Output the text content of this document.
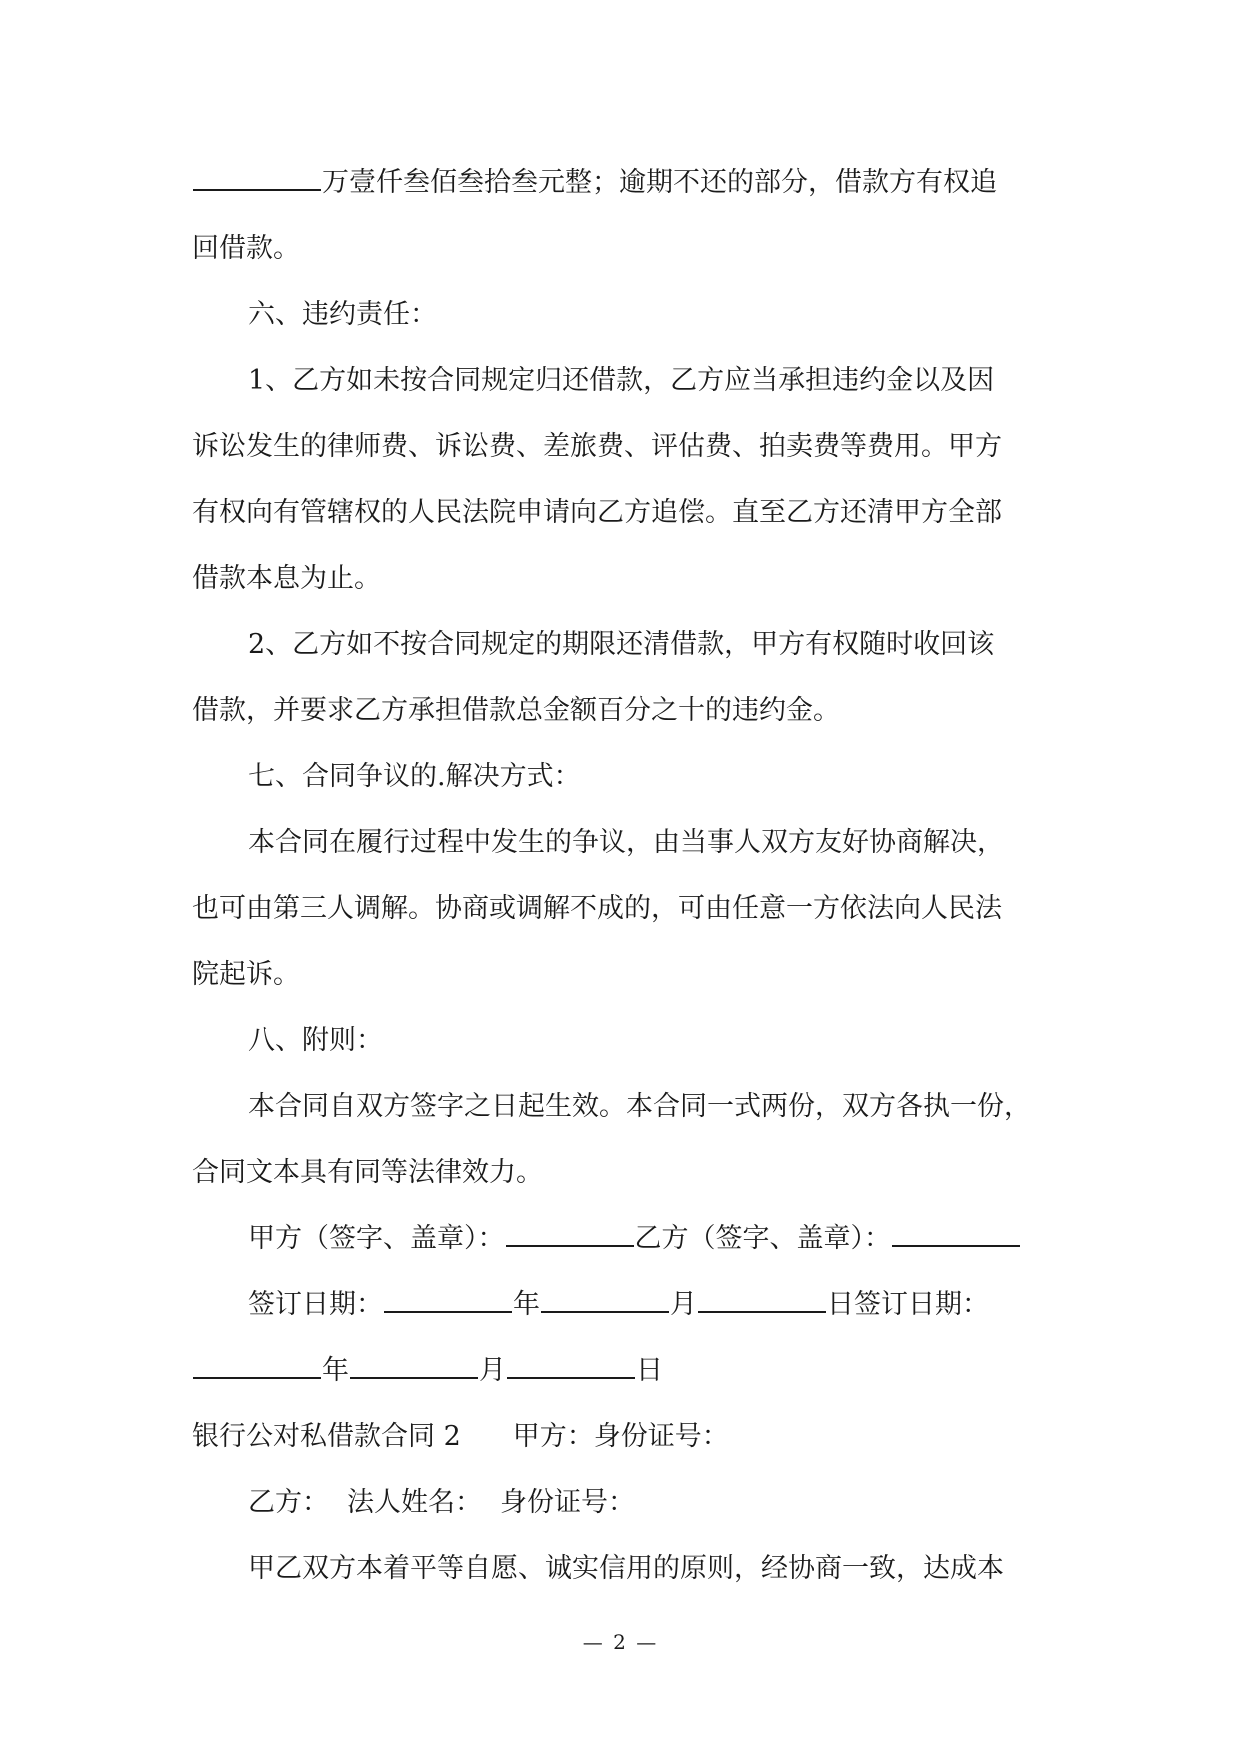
万壹仟叁佰叁拾叁元整；逾期不还的部分，借款方有权追
回借款。
六、违约责任：
1、乙方如未按合同规定归还借款，乙方应当承担违约金以及因
诉讼发生的律师费、诉讼费、差旅费、评估费、拍卖费等费用。甲方
有权向有管辖权的人民法院申请向乙方追偿。直至乙方还清甲方全部
借款本息为止。
2、乙方如不按合同规定的期限还清借款，甲方有权随时收回该
借款，并要求乙方承担借款总金额百分之十的违约金。
七、合同争议的.解决方式：
本合同在履行过程中发生的争议，由当事人双方友好协商解决，
也可由第三人调解。协商或调解不成的，可由任意一方依法向人民法
院起诉。
八、附则：
本合同自双方签字之日起生效。本合同一式两份，双方各执一份，
合同文本具有同等法律效力。
甲方（签字、盖章）：	乙方（签字、盖章）：
签订日期：	年	月	日签订日期：
年	月	日
银行公对私借款合同 2 甲方：身份证号：
乙方： 法人姓名： 身份证号：
甲乙双方本着平等自愿、诚实信用的原则，经协商一致，达成本
— 2 —
